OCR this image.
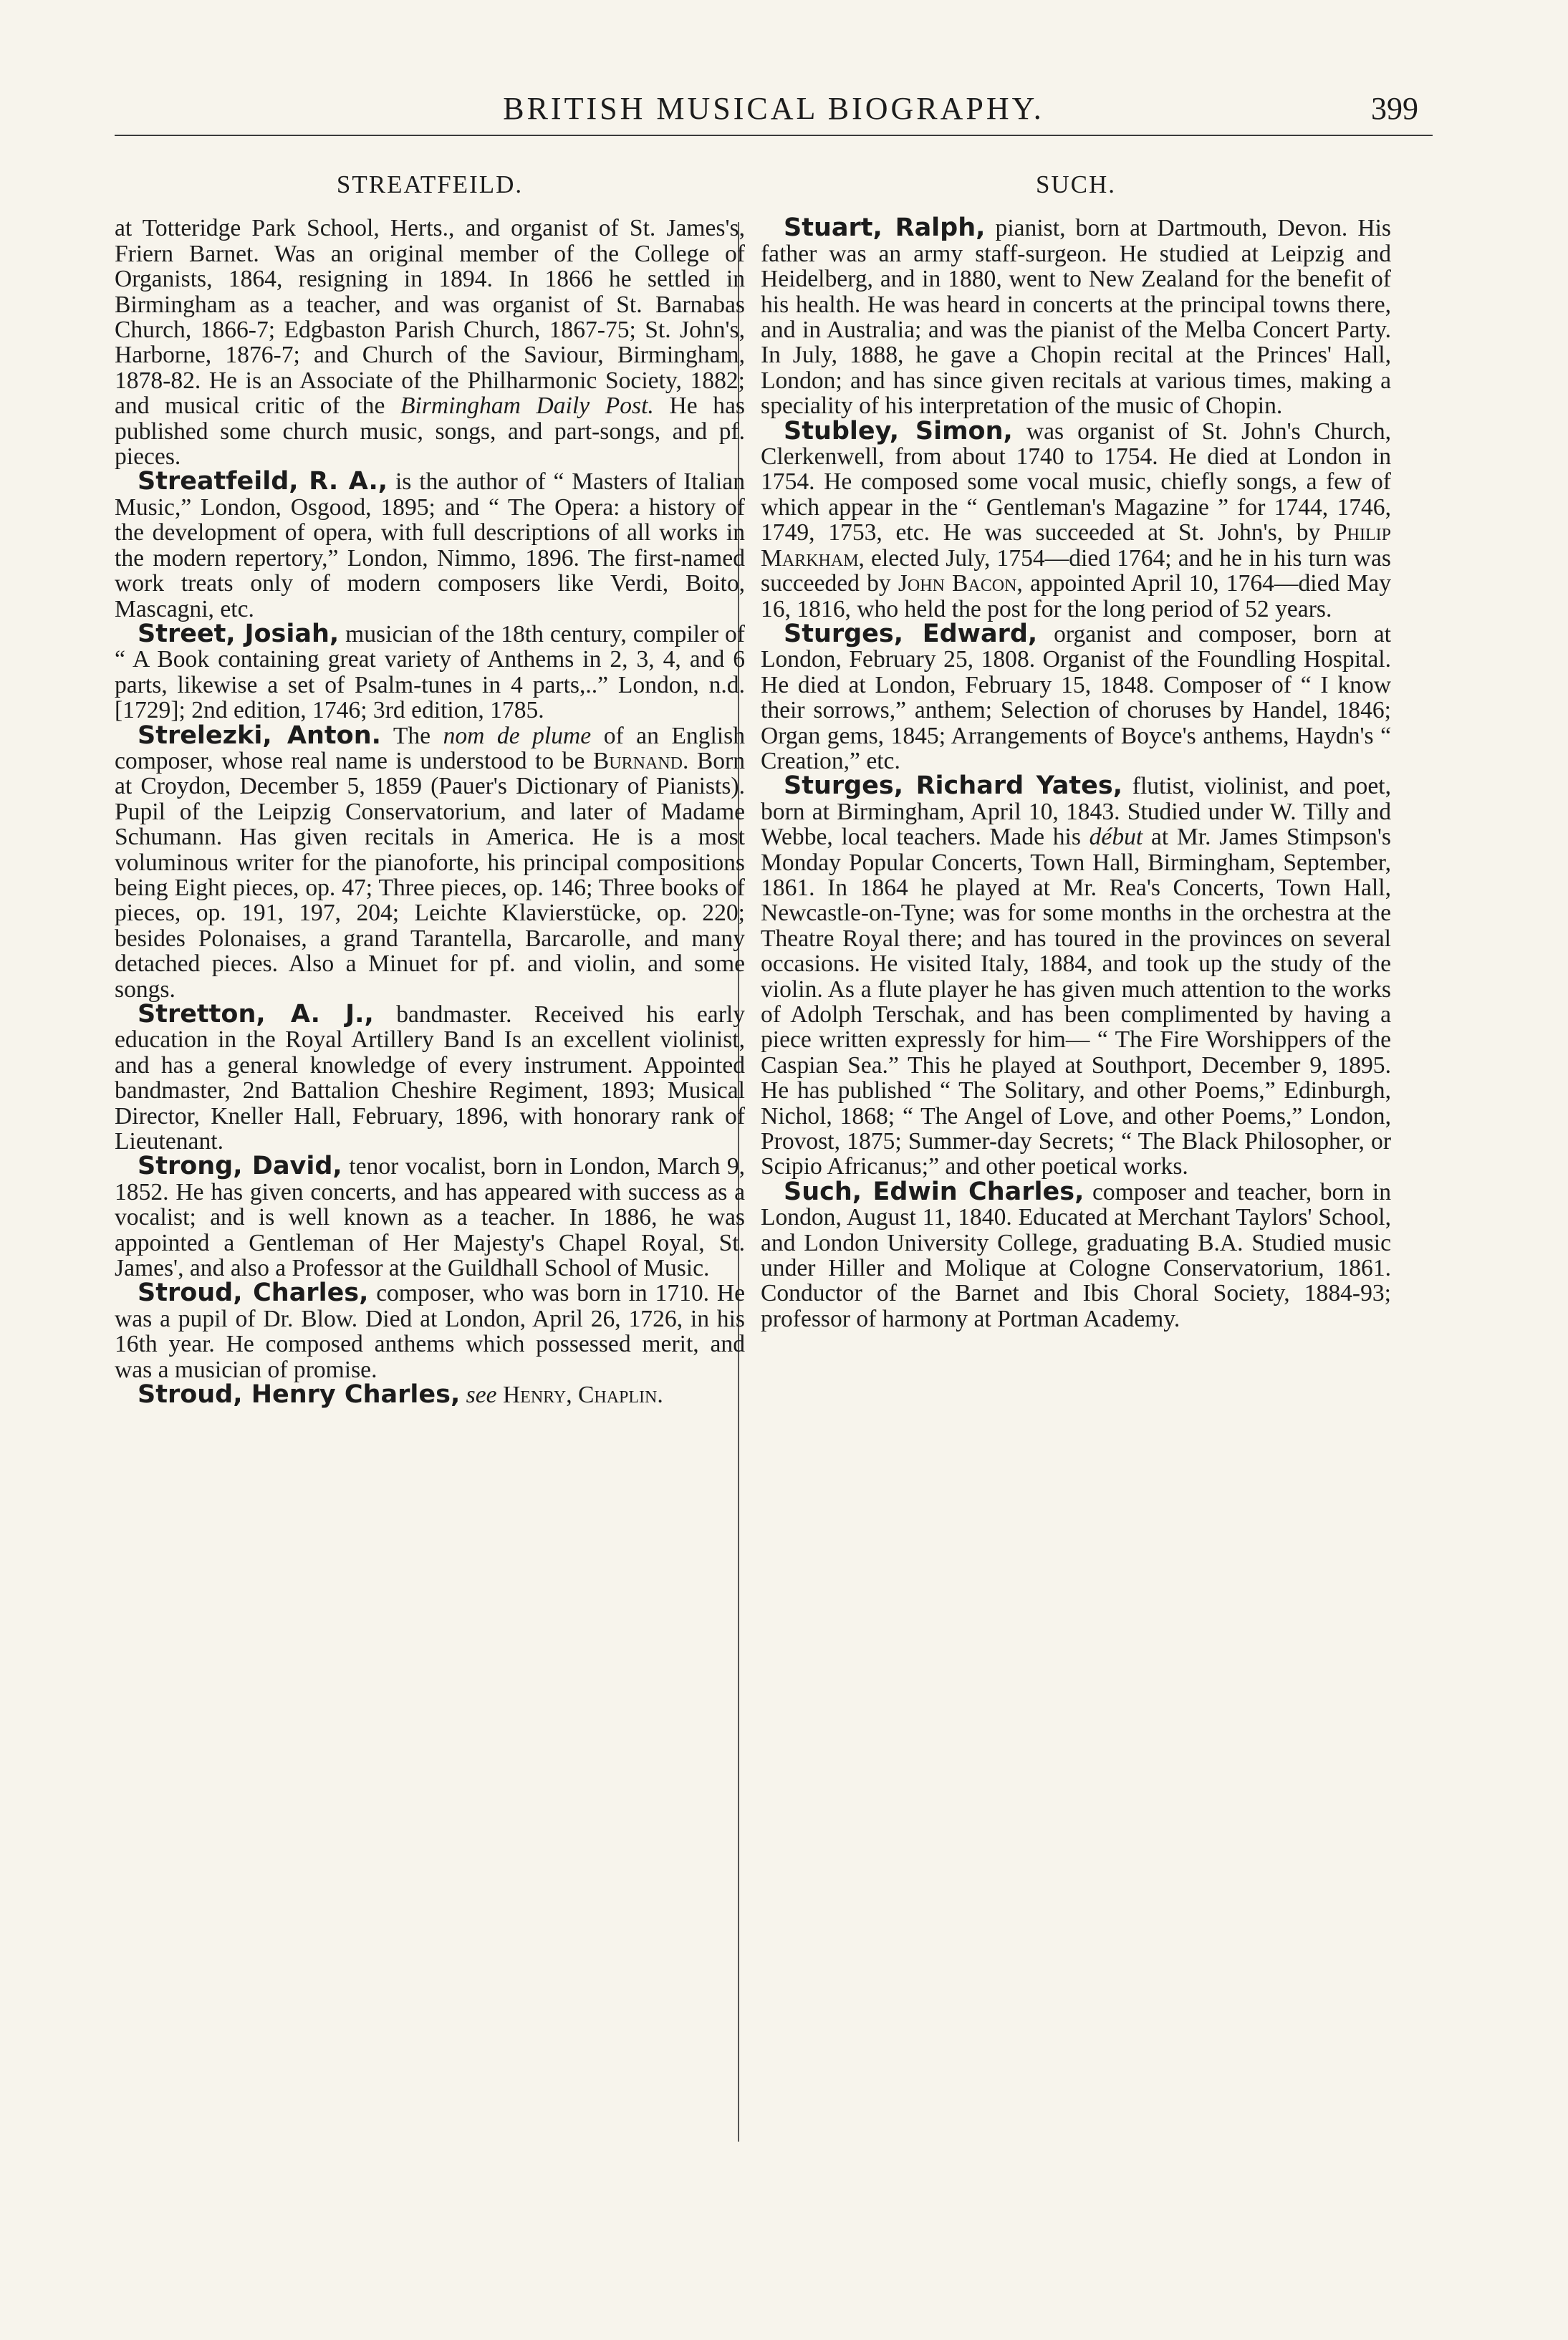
BRITISH MUSICAL BIOGRAPHY.	399
STREATFEILD.

at Totteridge Park School, Herts., and organist of St. James's, Friern Barnet. Was an original member of the College of Organists, 1864, resigning in 1894. In 1866 he settled in Birmingham as a teacher, and was organist of St. Barnabas Church, 1866-7; Edgbaston Parish Church, 1867-75; St. John's, Harborne, 1876-7; and Church of the Saviour, Birmingham, 1878-82. He is an Associate of the Philharmonic Society, 1882; and musical critic of the Birmingham Daily Post. He has published some church music, songs, and part-songs, and pf. pieces.

Streatfeild, R. A., is the author of “ Masters of Italian Music,” London, Osgood, 1895; and “ The Opera: a history of the development of opera, with full descriptions of all works in the modern repertory,” London, Nimmo, 1896. The first-named work treats only of modern composers like Verdi, Boito, Mascagni, etc.

Street, Josiah, musician of the 18th century, compiler of “ A Book containing great variety of Anthems in 2, 3, 4, and 6 parts, likewise a set of Psalm-tunes in 4 parts,..” London, n.d. [1729]; 2nd edition, 1746; 3rd edition, 1785.

Strelezki, Anton. The nom de plume of an English composer, whose real name is understood to be Burnand. Born at Croydon, December 5, 1859 (Pauer's Dictionary of Pianists). Pupil of the Leipzig Conservatorium, and later of Madame Schumann. Has given recitals in America. He is a most voluminous writer for the pianoforte, his principal compositions being Eight pieces, op. 47; Three pieces, op. 146; Three books of pieces, op. 191, 197, 204; Leichte Klavierstücke, op. 220; besides Polonaises, a grand Tarantella, Barcarolle, and many detached pieces. Also a Minuet for pf. and violin, and some songs.

Stretton, A. J., bandmaster. Received his early education in the Royal Artillery Band Is an excellent violinist, and has a general knowledge of every instrument. Appointed bandmaster, 2nd Battalion Cheshire Regiment, 1893; Musical Director, Kneller Hall, February, 1896, with honorary rank of Lieutenant.

Strong, David, tenor vocalist, born in London, March 9, 1852. He has given concerts, and has appeared with success as a vocalist; and is well known as a teacher. In 1886, he was appointed a Gentleman of Her Majesty's Chapel Royal, St. James', and also a Professor at the Guildhall School of Music.

Stroud, Charles, composer, who was born in 1710. He was a pupil of Dr. Blow. Died at London, April 26, 1726, in his 16th year. He composed anthems which possessed merit, and was a musician of promise.

Stroud, Henry Charles, see Henry, Chaplin.

SUCH.

Stuart, Ralph, pianist, born at Dartmouth, Devon. His father was an army staff-surgeon. He studied at Leipzig and Heidelberg, and in 1880, went to New Zealand for the benefit of his health. He was heard in concerts at the principal towns there, and in Australia; and was the pianist of the Melba Concert Party. In July, 1888, he gave a Chopin recital at the Princes' Hall, London; and has since given recitals at various times, making a speciality of his interpretation of the music of Chopin.

Stubley, Simon, was organist of St. John's Church, Clerkenwell, from about 1740 to 1754. He died at London in 1754. He composed some vocal music, chiefly songs, a few of which appear in the “ Gentleman's Magazine ” for 1744, 1746, 1749, 1753, etc. He was succeeded at St. John's, by Philip Markham, elected July, 1754—died 1764; and he in his turn was succeeded by John Bacon, appointed April 10, 1764—died May 16, 1816, who held the post for the long period of 52 years.

Sturges, Edward, organist and composer, born at London, February 25, 1808. Organist of the Foundling Hospital. He died at London, February 15, 1848. Composer of “ I know their sorrows,” anthem; Selection of choruses by Handel, 1846; Organ gems, 1845; Arrangements of Boyce's anthems, Haydn's “ Creation,” etc.

Sturges, Richard Yates, flutist, violinist, and poet, born at Birmingham, April 10, 1843. Studied under W. Tilly and Webbe, local teachers. Made his début at Mr. James Stimpson's Monday Popular Concerts, Town Hall, Birmingham, September, 1861. In 1864 he played at Mr. Rea's Concerts, Town Hall, Newcastle-on-Tyne; was for some months in the orchestra at the Theatre Royal there; and has toured in the provinces on several occasions. He visited Italy, 1884, and took up the study of the violin. As a flute player he has given much attention to the works of Adolph Terschak, and has been complimented by having a piece written expressly for him— “ The Fire Worshippers of the Caspian Sea.” This he played at Southport, December 9, 1895. He has published “ The Solitary, and other Poems,” Edinburgh, Nichol, 1868; “ The Angel of Love, and other Poems,” London, Provost, 1875; Summer-day Secrets; “ The Black Philosopher, or Scipio Africanus;” and other poetical works.

Such, Edwin Charles, composer and teacher, born in London, August 11, 1840. Educated at Merchant Taylors' School, and London University College, graduating B.A. Studied music under Hiller and Molique at Cologne Conservatorium, 1861. Conductor of the Barnet and Ibis Choral Society, 1884-93; professor of harmony at Portman Academy.
